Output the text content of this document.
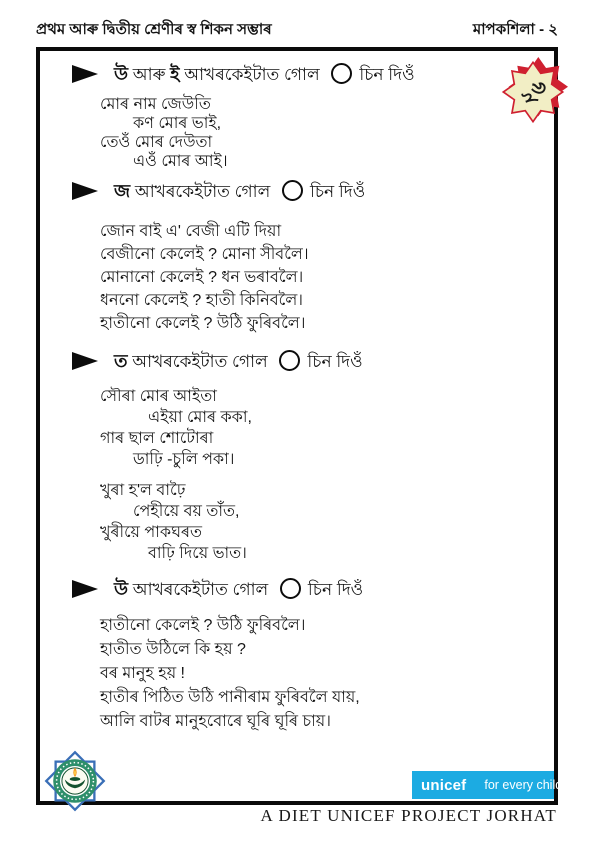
প্ৰথম আৰু দ্বিতীয় শ্ৰেণীৰ স্ব শিকন সম্ভাৰ	মাপকশিলা - ২
২৬
উ আৰু ই আখৰকেইটাত গোল চিন দিওঁ
মোৰ নাম জেউতি
কণ মোৰ ভাই,
তেওঁ মোৰ দেউতা
এওঁ মোৰ আই।
জ আখৰকেইটাত গোল চিন দিওঁ
জোন বাই এ' বেজী এটি দিয়া
বেজীনো কেলেই ? মোনা সীবলৈ।
মোনানো কেলেই ? ধন ভৰাবলৈ।
ধননো কেলেই ? হাতী কিনিবলৈ।
হাতীনো কেলেই ? উঠি ফুৰিবলৈ।
ত আখৰকেইটাত গোল চিন দিওঁ
সৌৰা মোৰ আইতা
এইয়া মোৰ ককা,
গাৰ ছাল শোটোৰা
ডাঢ়ি -চুলি পকা।
খুৰা হ'ল বাঢ়ৈ
পেহীয়ে বয় তাঁত,
খুৰীয়ে পাকঘৰত
বাঢ়ি দিয়ে ভাত।
উ আখৰকেইটাত গোল চিন দিওঁ
হাতীনো কেলেই ? উঠি ফুৰিবলৈ।
হাতীত উঠিলে কি হয় ?
বৰ মানুহ হয় !
হাতীৰ পিঠিত উঠি পানীৰাম ফুৰিবলৈ যায়,
আলি বাটৰ মানুহবোৰে ঘূৰি ঘূৰি চায়।
unicef for every child
A DIET UNICEF PROJECT JORHAT
